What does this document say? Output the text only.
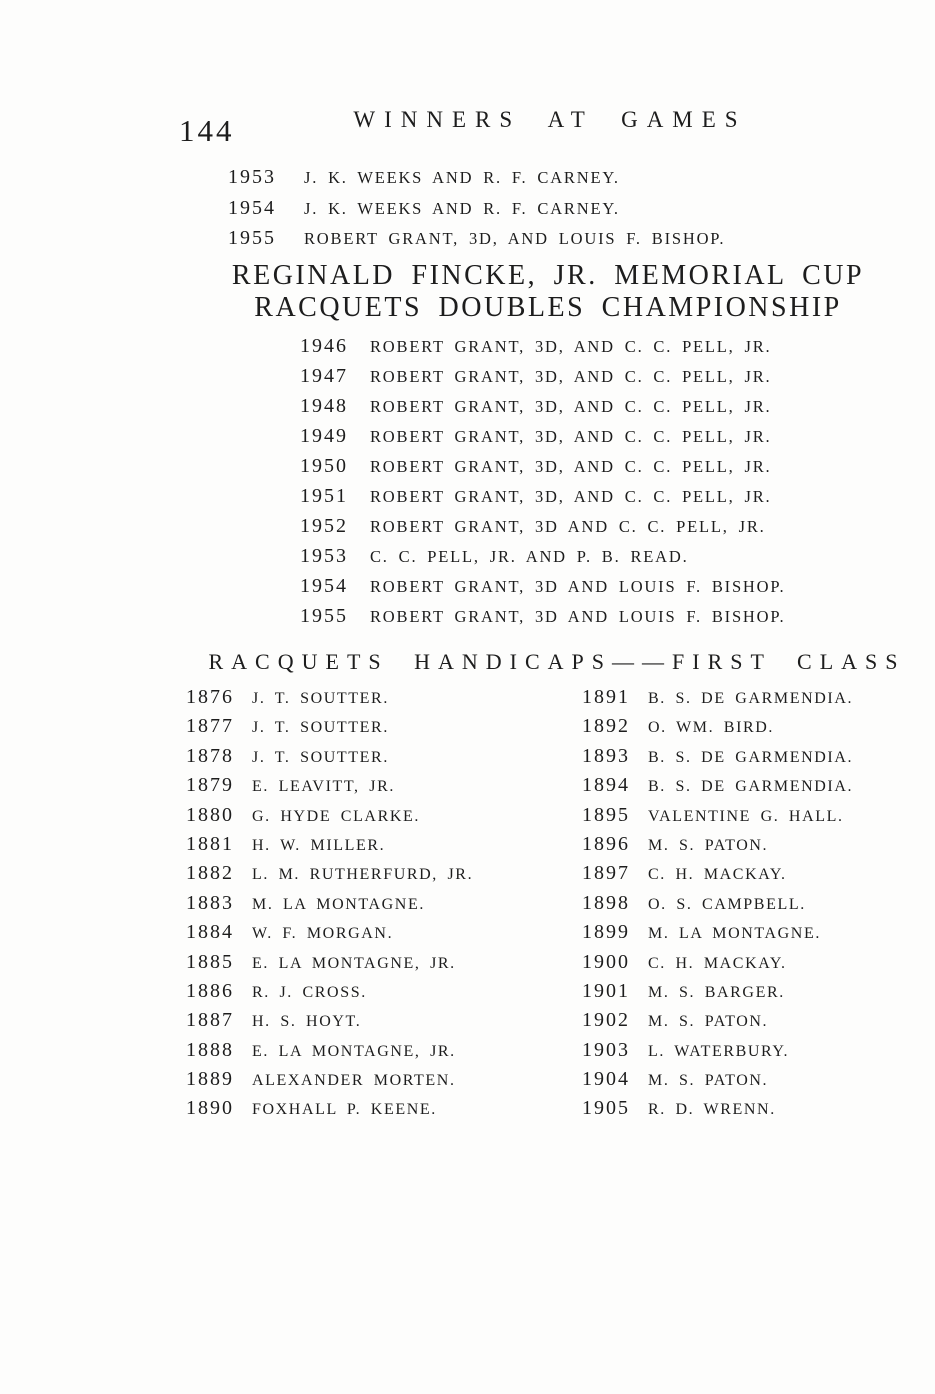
144	WINNERS AT GAMES
1953	J. K. WEEKS AND R. F. CARNEY.
1954	J. K. WEEKS AND R. F. CARNEY.
1955	ROBERT GRANT, 3D, AND LOUIS F. BISHOP.
REGINALD FINCKE, JR. MEMORIAL CUP
RACQUETS DOUBLES CHAMPIONSHIP
1946	ROBERT GRANT, 3D, AND C. C. PELL, JR.
1947	ROBERT GRANT, 3D, AND C. C. PELL, JR.
1948	ROBERT GRANT, 3D, AND C. C. PELL, JR.
1949	ROBERT GRANT, 3D, AND C. C. PELL, JR.
1950	ROBERT GRANT, 3D, AND C. C. PELL, JR.
1951	ROBERT GRANT, 3D, AND C. C. PELL, JR.
1952	ROBERT GRANT, 3D AND C. C. PELL, JR.
1953	C. C. PELL, JR. AND P. B. READ.
1954	ROBERT GRANT, 3D AND LOUIS F. BISHOP.
1955	ROBERT GRANT, 3D AND LOUIS F. BISHOP.
RACQUETS HANDICAPS——FIRST CLASS
1876	J. T. SOUTTER.
1877	J. T. SOUTTER.
1878	J. T. SOUTTER.
1879	E. LEAVITT, JR.
1880	G. HYDE CLARKE.
1881	H. W. MILLER.
1882	L. M. RUTHERFURD, JR.
1883	M. LA MONTAGNE.
1884	W. F. MORGAN.
1885	E. LA MONTAGNE, JR.
1886	R. J. CROSS.
1887	H. S. HOYT.
1888	E. LA MONTAGNE, JR.
1889	ALEXANDER MORTEN.
1890	FOXHALL P. KEENE.
1891	B. S. DE GARMENDIA.
1892	O. WM. BIRD.
1893	B. S. DE GARMENDIA.
1894	B. S. DE GARMENDIA.
1895	VALENTINE G. HALL.
1896	M. S. PATON.
1897	C. H. MACKAY.
1898	O. S. CAMPBELL.
1899	M. LA MONTAGNE.
1900	C. H. MACKAY.
1901	M. S. BARGER.
1902	M. S. PATON.
1903	L. WATERBURY.
1904	M. S. PATON.
1905	R. D. WRENN.
